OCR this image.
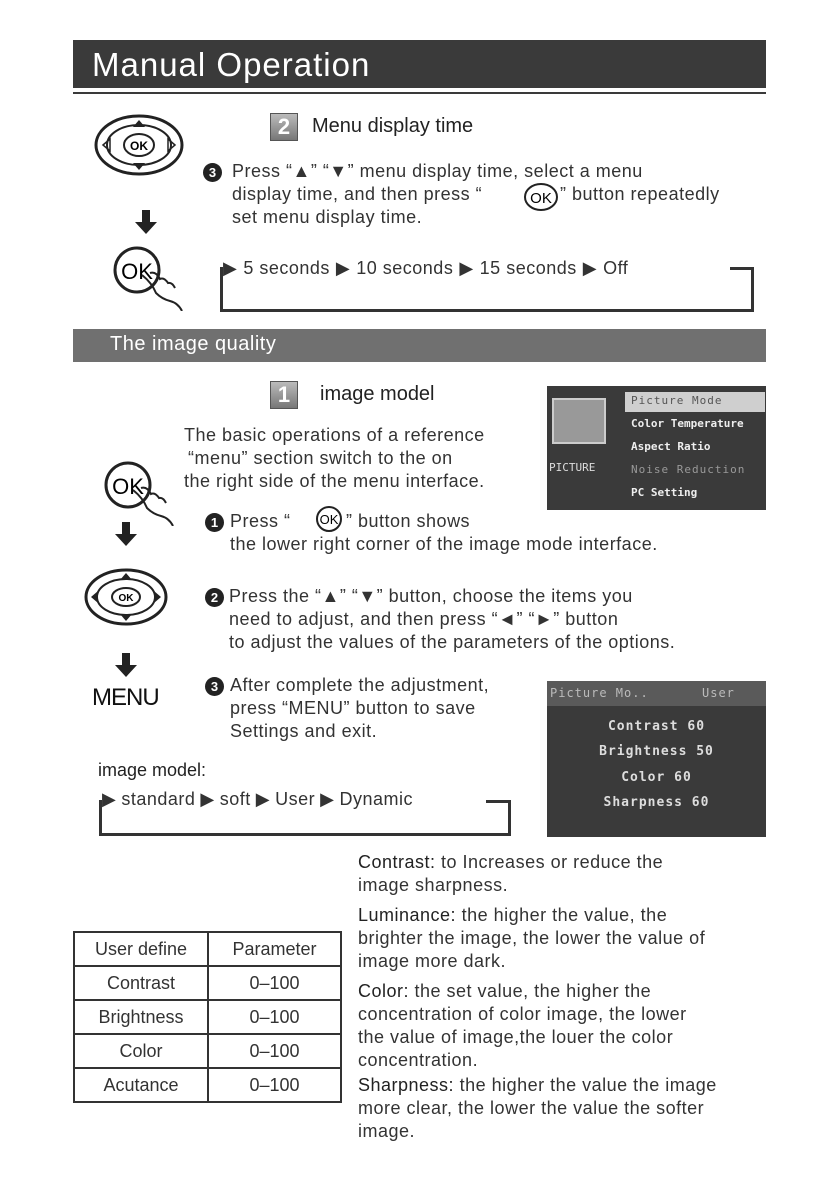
Manual Operation
OK
OK
2	Menu display time
3 Press “▲” “▼” menu display time, select a menu
display time, and then press “	OK ” button repeatedly
set menu display time.
▶ 5 seconds ▶ 10 seconds ▶ 15 seconds ▶ Off
The image quality
1	image model
The basic operations of a reference
“menu” section switch to the on
the right side of the menu interface.
PICTURE
Picture Mode
Color Temperature
Aspect Ratio
Noise Reduction
PC Setting
OK
1 Press “ OK ” button shows
the lower right corner of the image mode interface.
OK	2 Press the “▲” “▼” button, choose the items you
need to adjust, and then press “◄” “►” button
to adjust the values of the parameters of the options.
MENU	3 After complete the adjustment,
press “MENU” button to save
Settings and exit.
Picture Mo..	User
Contrast 60
Brightness 50
Color 60
Sharpness 60
image model:
▶ standard ▶ soft ▶ User ▶ Dynamic
User define	Parameter
Contrast	0–100
Brightness	0–100
Color	0–100
Acutance	0–100
Contrast: to Increases or reduce the
image sharpness.
Luminance: the higher the value, the
brighter the image, the lower the value of
image more dark.
Color: the set value, the higher the
concentration of color image, the lower
the value of image,the louer the color
concentration.
Sharpness: the higher the value the image
more clear, the lower the value the softer
image.
